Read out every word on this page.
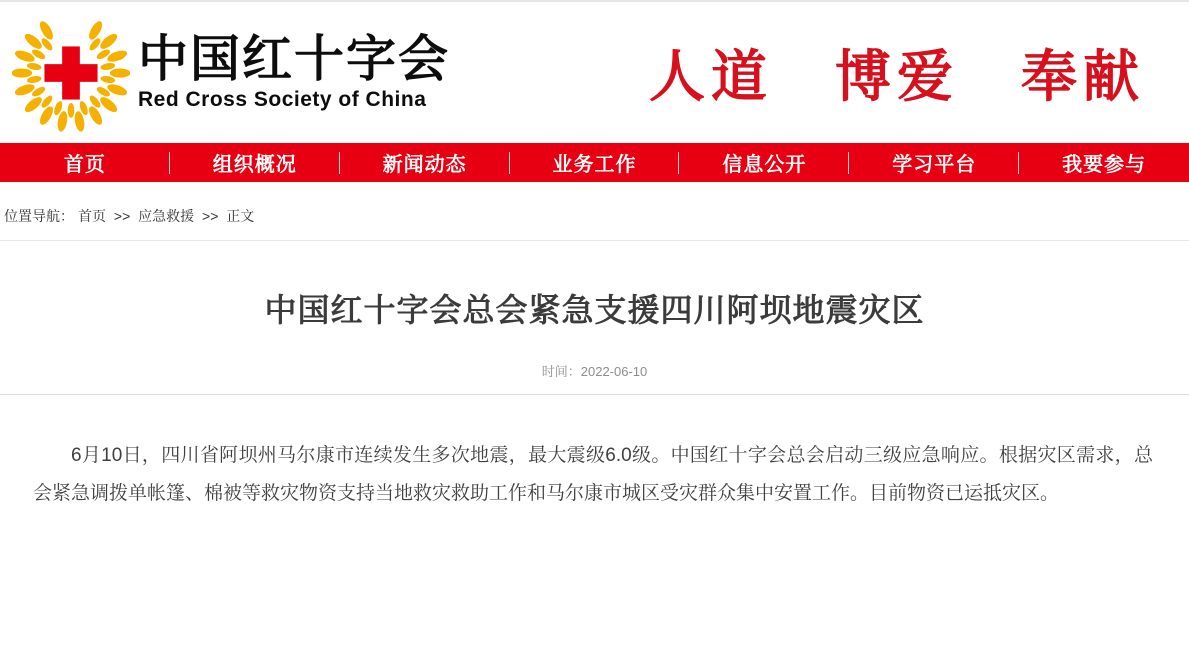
中国红十字会
Red Cross Society of China	人道　博爱　奉献
首页	组织概况	新闻动态	业务工作	信息公开	学习平台	我要参与
位置导航： 首页 >> 应急救援 >> 正文
中国红十字会总会紧急支援四川阿坝地震灾区
时间：2022-06-10

6月10日，四川省阿坝州马尔康市连续发生多次地震，最大震级6.0级。中国红十字会总会启动三级应急响应。根据灾区需求，总会紧急调拨单帐篷、棉被等救灾物资支持当地救灾救助工作和马尔康市城区受灾群众集中安置工作。目前物资已运抵灾区。
